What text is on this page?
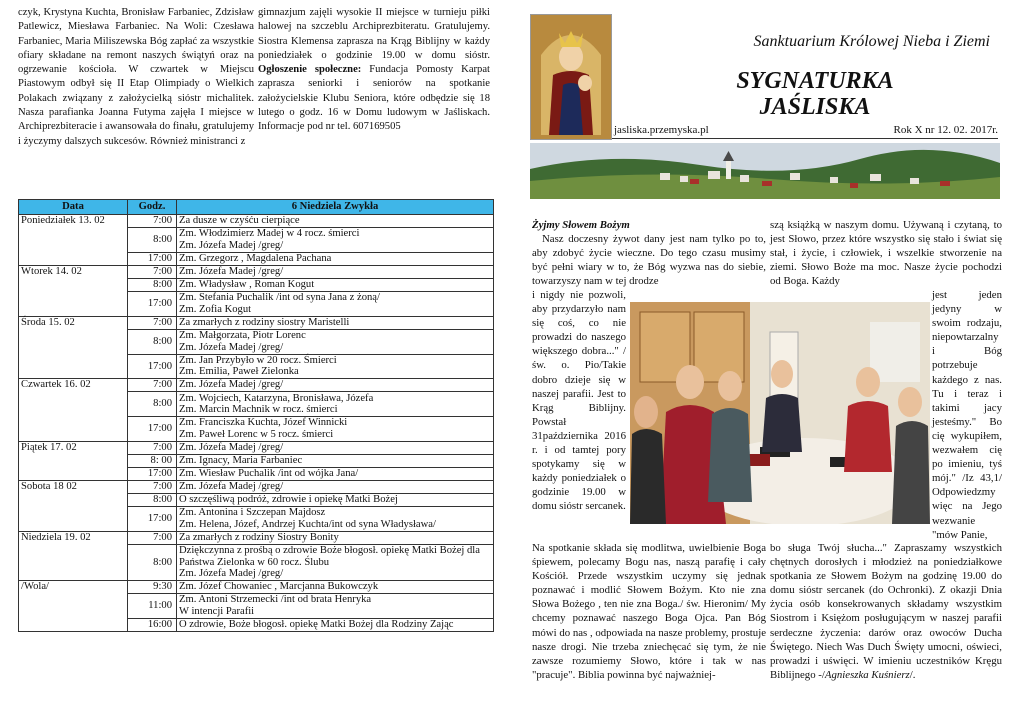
czyk, Krystyna Kuchta, Bronisław Farbaniec, Zdzisław Patlewicz, Miesława Farbaniec. Na Woli: Czesława Farbaniec, Maria Miliszewska Bóg zapłać za wszystkie ofiary składane na remont naszych świątyń oraz na ogrzewanie kościoła. W czwartek w Miejscu Piastowym odbył się II Etap Olimpiady o Wielkich Polakach związany z założycielką sióstr michalitek. Nasza parafianka Joanna Futyma zajęła I miejsce w Archiprezbiteracie i awansowała do finału, gratulujemy i życzymy dalszych sukcesów. Również ministranci z

gimnazjum zajęli wysokie II miejsce w turnieju piłki halowej na szczeblu Archiprezbiteratu. Gratulujemy. Siostra Klemensa zaprasza na Krąg Biblijny w każdy poniedziałek o godzinie 19.00 w domu sióstr. Ogłoszenie społeczne: Fundacja Pomosty Karpat zaprasza seniorki i seniorów na spotkanie założycielskie Klubu Seniora, które odbędzie się 18 lutego o godz. 16 w Domu ludowym w Jaśliskach. Informacje pod nr tel. 607169505

Data	Godz.	6 Niedziela Zwykła
Poniedziałek 13. 02	7:00	Za dusze w czyśću cierpiące
	8:00	Zm. Włodzimierz Madej w 4 rocz. śmierci
Zm. Józefa Madej /greg/
	17:00	Zm. Grzegorz , Magdalena Pachana
Wtorek 14. 02	7:00	Zm. Józefa Madej /greg/
	8:00	Zm. Władysław , Roman Kogut
	17:00	Zm. Stefania Puchalik /int od syna Jana z żoną/
Zm. Zofia Kogut
Środa 15. 02	7:00	Za zmarłych z rodziny siostry Maristelli
	8:00	Zm. Małgorzata, Piotr Lorenc
Zm. Józefa Madej /greg/
	17:00	Zm. Jan Przybyło w 20 rocz. Śmierci
Zm. Emilia, Paweł Zielonka
Czwartek 16. 02	7:00	Zm. Józefa Madej /greg/
	8:00	Zm. Wojciech, Katarzyna, Bronisława, Józefa
Zm. Marcin Machnik w rocz. śmierci
	17:00	Zm. Franciszka Kuchta, Józef Winnicki
Zm. Paweł Lorenc w 5 rocz. śmierci
Piątek 17. 02	7:00	Zm. Józefa Madej /greg/
	8: 00	Zm. Ignacy, Maria Farbaniec
	17:00	Zm. Wiesław Puchalik /int od wójka Jana/
Sobota 18 02	7:00	Zm. Józefa Madej /greg/
	8:00	O szczęśliwą podróż, zdrowie i opiekę Matki Bożej
	17:00	Zm. Antonina i Szczepan Majdosz
Zm. Helena, Józef, Andrzej Kuchta/int od syna Władysława/
Niedziela 19. 02	7:00	Za zmarłych z rodziny Siostry Bonity
	8:00	Dziękczynna z prośbą o zdrowie Boże błogosł. opiekę Matki Bożej dla Państwa Zielonka w 60 rocz. Ślubu
Zm. Józefa Madej /greg/
/Wola/	9:30	Zm. Józef Chowaniec , Marcjanna Bukowczyk
	11:00	Zm. Antoni Strzemecki /int od brata Henryka
W intencji Parafii
	16:00	O zdrowie, Boże błogosł. opiekę Matki Bożej dla Rodziny Zając
Sanktuarium Królowej Nieba i Ziemi
SYGNATURKA
JAŚLISKA
jasliska.przemyska.pl	Rok X nr 12. 02. 2017r.

Żyjmy Słowem Bożym

Nasz doczesny żywot dany jest nam tylko po to, aby zdobyć życie wieczne. Do tego czasu musimy być pełni wiary w to, że Bóg wyzwa nas do siebie, towarzyszy nam w tej drodze

i nigdy nie pozwoli, aby przydarzyło nam się coś, co nie prowadzi do naszego większego dobra..." / św. o. Pio/Takie dobro dzieje się w naszej parafii. Jest to Krąg Biblijny. Powstał 31października 2016 r. i od tamtej pory spotykamy się w każdy poniedziałek o godzinie 19.00 w domu sióstr sercanek.

Na spotkanie składa się modlitwa, uwielbienie Boga śpiewem, polecamy Bogu nas, naszą parafię i cały Kościół. Przede wszystkim uczymy się jednak poznawać i modlić Słowem Bożym. Kto nie zna Słowa Bożego , ten nie zna Boga./ św. Hieronim/ My chcemy poznawać naszego Boga Ojca. Pan Bóg mówi do nas , odpowiada na nasze problemy, prostuje nasze drogi. Nie trzeba zniechęcać się tym, że nie zawsze rozumiemy Słowo, które i tak w nas "pracuje". Biblia powinna być najważniej-

szą książką w naszym domu. Używaną i czytaną, to jest Słowo, przez które wszystko się stało i świat się stał, i życie, i człowiek, i wszelkie stworzenie na ziemi. Słowo Boże ma moc. Nasze życie pochodzi od Boga. Każdy

jest jeden jedyny w swoim rodzaju, niepowtarzalny i Bóg potrzebuje każdego z nas. Tu i teraz i takimi jacy jesteśmy." Bo cię wykupiłem, wezwałem cię po imieniu, tyś mój." /Iz 43,1/ Odpowiedzmy więc na Jego wezwanie "mów Panie,

bo sługa Twój słucha..." Zapraszamy wszystkich chętnych dorosłych i młodzież na poniedziałkowe spotkania ze Słowem Bożym na godzinę 19.00 do domu sióstr sercanek (do Ochronki). Z okazji Dnia życia osób konsekrowanych składamy wszystkim Siostrom i Księżom posługującym w naszej parafii serdeczne życzenia: darów oraz owoców Ducha Świętego. Niech Was Duch Święty umocni, oświeci, prowadzi i uświęci. W imieniu uczestników Kręgu Biblijnego -/Agnieszka Kuśnierz/.
